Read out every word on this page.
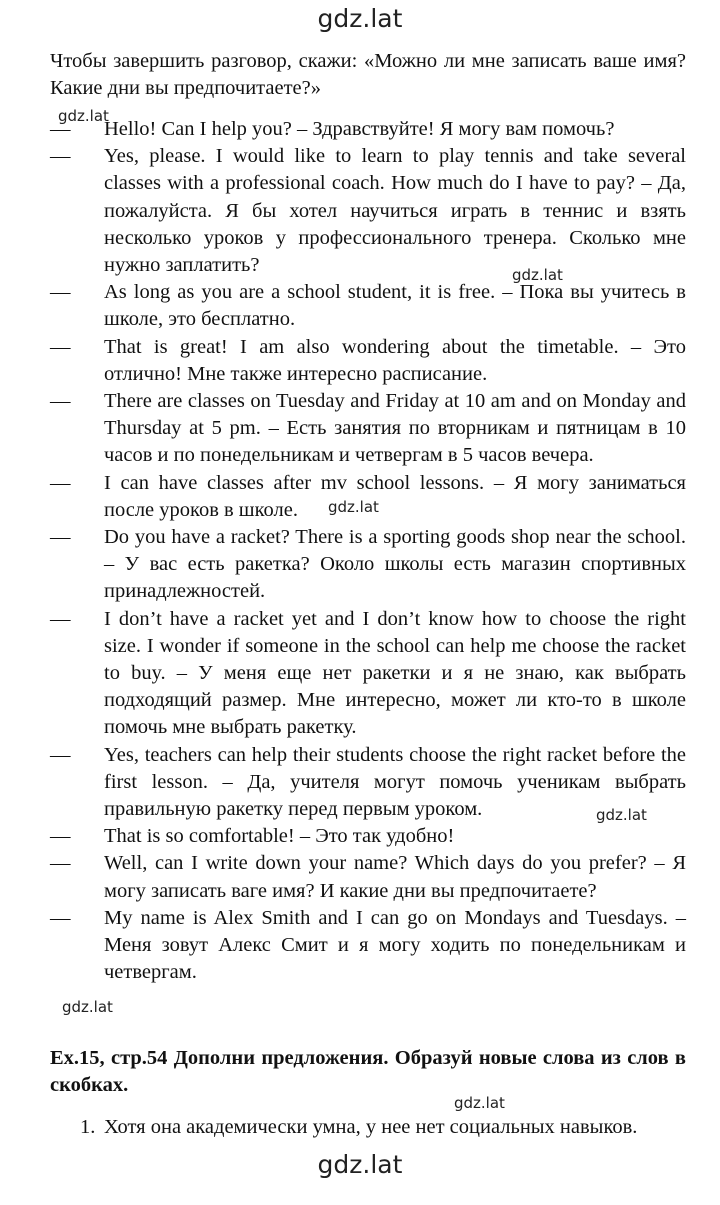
gdz.lat
Чтобы завершить разговор, скажи: «Можно ли мне записать ваше имя? Какие дни вы предпочитаете?»
gdz.lat
—	Hello! Can I help you? – Здравствуйте! Я могу вам помочь?
—	Yes, please. I would like to learn to play tennis and take several classes with a professional coach. How much do I have to pay? – Да, пожалуйста. Я бы хотел научиться играть в теннис и взять несколько уроков у профессионального тренера. Сколько мне нужно заплатить?
—	As long as you are a school student, it is free. – Пока вы учитесь в школе, это бесплатно.
—	That is great! I am also wondering about the timetable. – Это отлично! Мне также интересно расписание.
—	There are classes on Tuesday and Friday at 10 am and on Monday and Thursday at 5 pm. – Есть занятия по вторникам и пятницам в 10 часов и по понедельникам и четвергам в 5 часов вечера.
—	I can have classes after mv school lessons. – Я могу заниматься после уроков в школе.
—	Do you have a racket? There is a sporting goods shop near the school. – У вас есть ракетка? Около школы есть магазин спортивных принадлежностей.
—	I don’t have a racket yet and I don’t know how to choose the right size. I wonder if someone in the school can help me choose the racket to buy. – У меня еще нет ракетки и я не знаю, как выбрать подходящий размер. Мне интересно, может ли кто-то в школе помочь мне выбрать ракетку.
—	Yes, teachers can help their students choose the right racket before the first lesson. – Да, учителя могут помочь ученикам выбрать правильную ракетку перед первым уроком.
—	That is so comfortable! – Это так удобно!
—	Well, can I write down your name? Which days do you prefer? – Я могу записать ваге имя? И какие дни вы предпочитаете?
—	My name is Alex Smith and I can go on Mondays and Tuesdays. – Меня зовут Алекс Смит и я могу ходить по понедельникам и четвергам.
gdz.lat
gdz.lat
gdz.lat
gdz.lat
Ex.15, стр.54 Дополни предложения. Образуй новые слова из слов в скобках.
gdz.lat
1. Хотя она академически умна, у нее нет социальных навыков.
gdz.lat
